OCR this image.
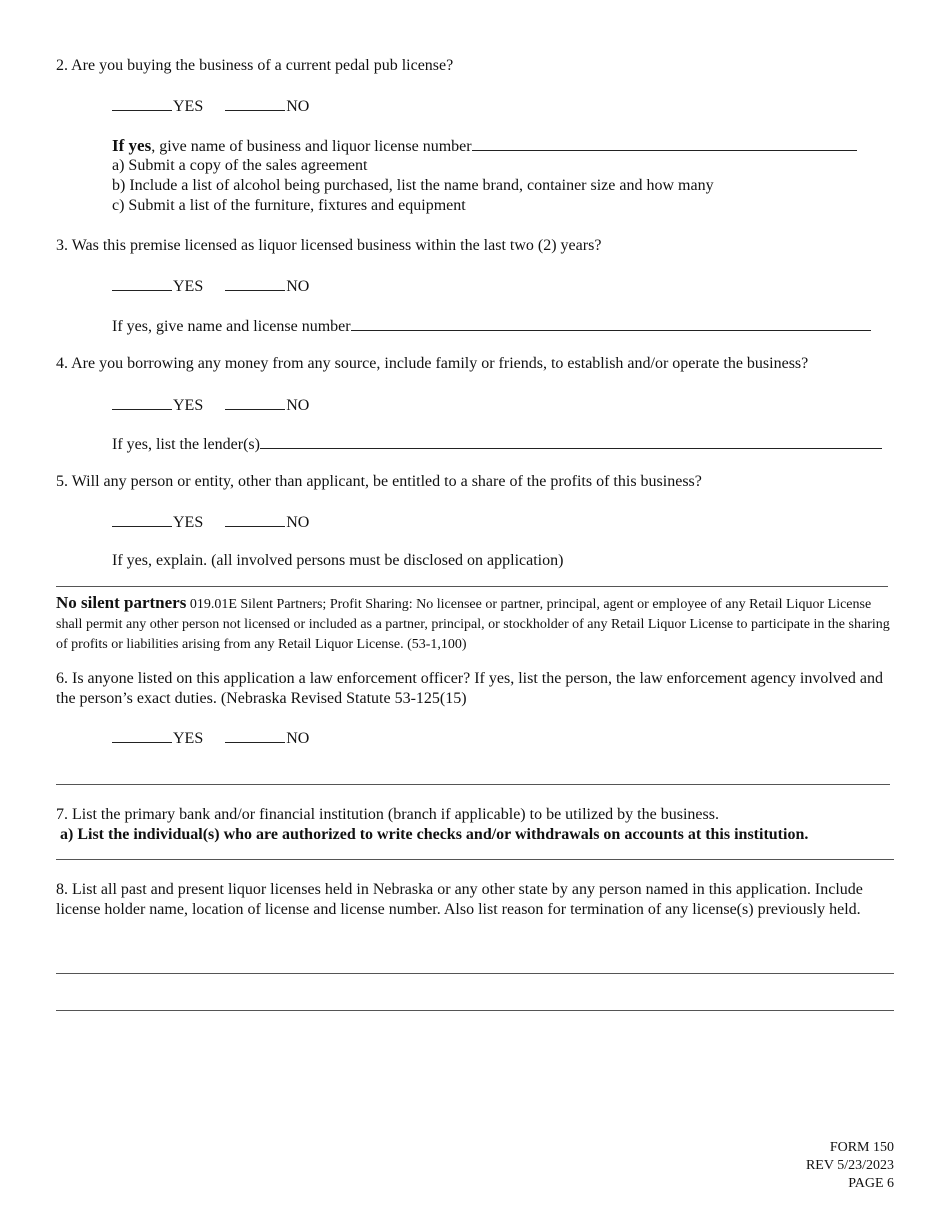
2. Are you buying the business of a current pedal pub license?
YES	NO
If yes, give name of business and liquor license number
a) Submit a copy of the sales agreement
b) Include a list of alcohol being purchased, list the name brand, container size and how many
c) Submit a list of the furniture, fixtures and equipment
3. Was this premise licensed as liquor licensed business within the last two (2) years?
YES	NO
If yes, give name and license number
4. Are you borrowing any money from any source, include family or friends, to establish and/or operate the business?
YES	NO
If yes, list the lender(s)
5. Will any person or entity, other than applicant, be entitled to a share of the profits of this business?
YES	NO
If yes, explain. (all involved persons must be disclosed on application)
No silent partners 019.01E Silent Partners; Profit Sharing: No licensee or partner, principal, agent or employee of any Retail Liquor License shall permit any other person not licensed or included as a partner, principal, or stockholder of any Retail Liquor License to participate in the sharing of profits or liabilities arising from any Retail Liquor License. (53-1,100)
6. Is anyone listed on this application a law enforcement officer? If yes, list the person, the law enforcement agency involved and the person’s exact duties. (Nebraska Revised Statute 53-125(15)
YES	NO
7. List the primary bank and/or financial institution (branch if applicable) to be utilized by the business.
a) List the individual(s) who are authorized to write checks and/or withdrawals on accounts at this institution.
8. List all past and present liquor licenses held in Nebraska or any other state by any person named in this application. Include license holder name, location of license and license number. Also list reason for termination of any license(s) previously held.
FORM 150
REV 5/23/2023
PAGE 6
